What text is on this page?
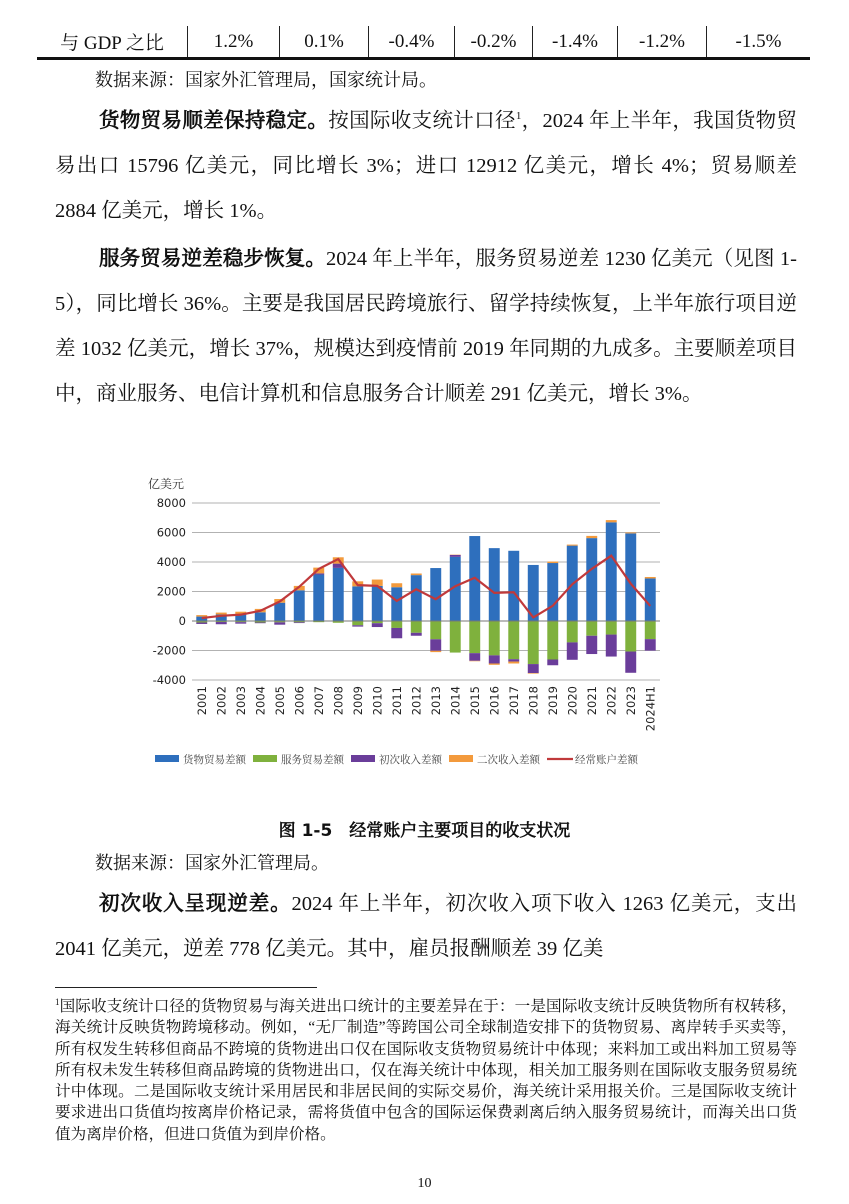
与 GDP 之比	1.2%	0.1%	-0.4%	-0.2%	-1.4%	-1.2%	-1.5%
数据来源：国家外汇管理局，国家统计局。
货物贸易顺差保持稳定。按国际收支统计口径$^1$，2024 年上半年，我国货物贸易出口 15796 亿美元，同比增长 3%；进口 12912 亿美元，增长 4%；贸易顺差 2884 亿美元，增长 1%。
服务贸易逆差稳步恢复。2024 年上半年，服务贸易逆差 1230 亿美元（见图 1-5），同比增长 36%。主要是我国居民跨境旅行、留学持续恢复，上半年旅行项目逆差 1032 亿美元，增长 37%，规模达到疫情前 2019 年同期的九成多。主要顺差项目中，商业服务、电信计算机和信息服务合计顺差 291 亿美元，增长 3%。
亿美元
8000
6000
4000
2000
0
-2000
-4000
2001 2002 2003 2004 2005 2006 2007 2008 2009 2010 2011 2012 2013 2014 2015 2016 2017 2018 2019 2020 2021 2022 2023 2024H1
货物贸易差额	服务贸易差额	初次收入差额	二次收入差额	经常账户差额
图 1-5　经常账户主要项目的收支状况
数据来源：国家外汇管理局。
初次收入呈现逆差。2024 年上半年，初次收入项下收入 1263 亿美元，支出 2041 亿美元，逆差 778 亿美元。其中，雇员报酬顺差 39 亿美
$^1$国际收支统计口径的货物贸易与海关进出口统计的主要差异在于：一是国际收支统计反映货物所有权转移，海关统计反映货物跨境移动。例如，“无厂制造”等跨国公司全球制造安排下的货物贸易、离岸转手买卖等，所有权发生转移但商品不跨境的货物进出口仅在国际收支货物贸易统计中体现；来料加工或出料加工贸易等所有权未发生转移但商品跨境的货物进出口，仅在海关统计中体现，相关加工服务则在国际收支服务贸易统计中体现。二是国际收支统计采用居民和非居民间的实际交易价，海关统计采用报关价。三是国际收支统计要求进出口货值均按离岸价格记录，需将货值中包含的国际运保费剥离后纳入服务贸易统计，而海关出口货值为离岸价格，但进口货值为到岸价格。
10
